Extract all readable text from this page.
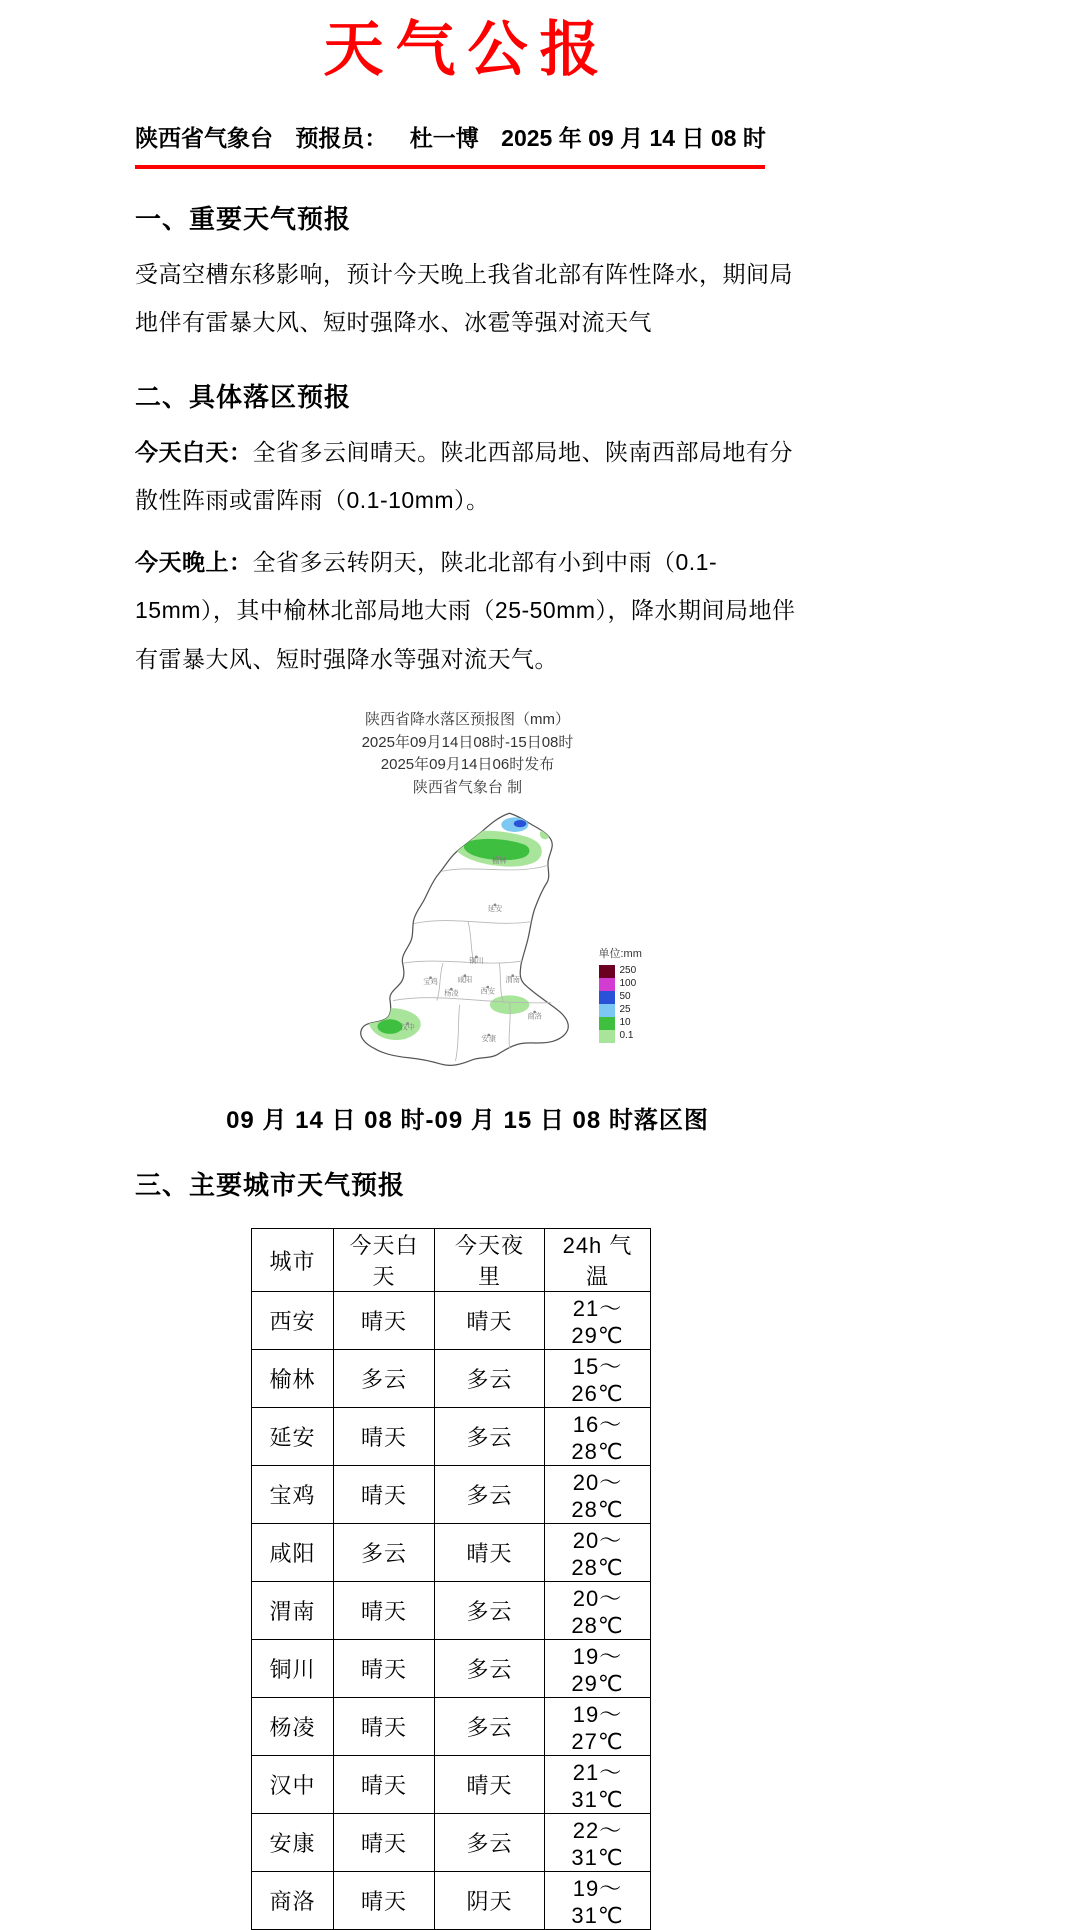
天气公报
陕西省气象台 预报员： 杜一博 2025 年 09 月 14 日 08 时
一、重要天气预报

受高空槽东移影响，预计今天晚上我省北部有阵性降水，期间局地伴有雷暴大风、短时强降水、冰雹等强对流天气

二、具体落区预报

今天白天：全省多云间晴天。陕北西部局地、陕南西部局地有分散性阵雨或雷阵雨（0.1-10mm）。

今天晚上：全省多云转阴天，陕北北部有小到中雨（0.1-15mm），其中榆林北部局地大雨（25-50mm），降水期间局地伴有雷暴大风、短时强降水等强对流天气。

陕西省降水落区预报图（mm）
2025年09月14日08时-15日08时
2025年09月14日06时发布
陕西省气象台 制
榆林
延安
铜川
咸阳	渭南
西安
宝鸡
杨凌
商洛
汉中
安康
单位:mm
250
100
50
25
10
0.1
09 月 14 日 08 时-09 月 15 日 08 时落区图
三、主要城市天气预报
城市	今天白天	今天夜里	24h 气温
西安	晴天	晴天	21～29℃
榆林	多云	多云	15～26℃
延安	晴天	多云	16～28℃
宝鸡	晴天	多云	20～28℃
咸阳	多云	晴天	20～28℃
渭南	晴天	多云	20～28℃
铜川	晴天	多云	19～29℃
杨凌	晴天	多云	19～27℃
汉中	晴天	晴天	21～31℃
安康	晴天	多云	22～31℃
商洛	晴天	阴天	19～31℃
